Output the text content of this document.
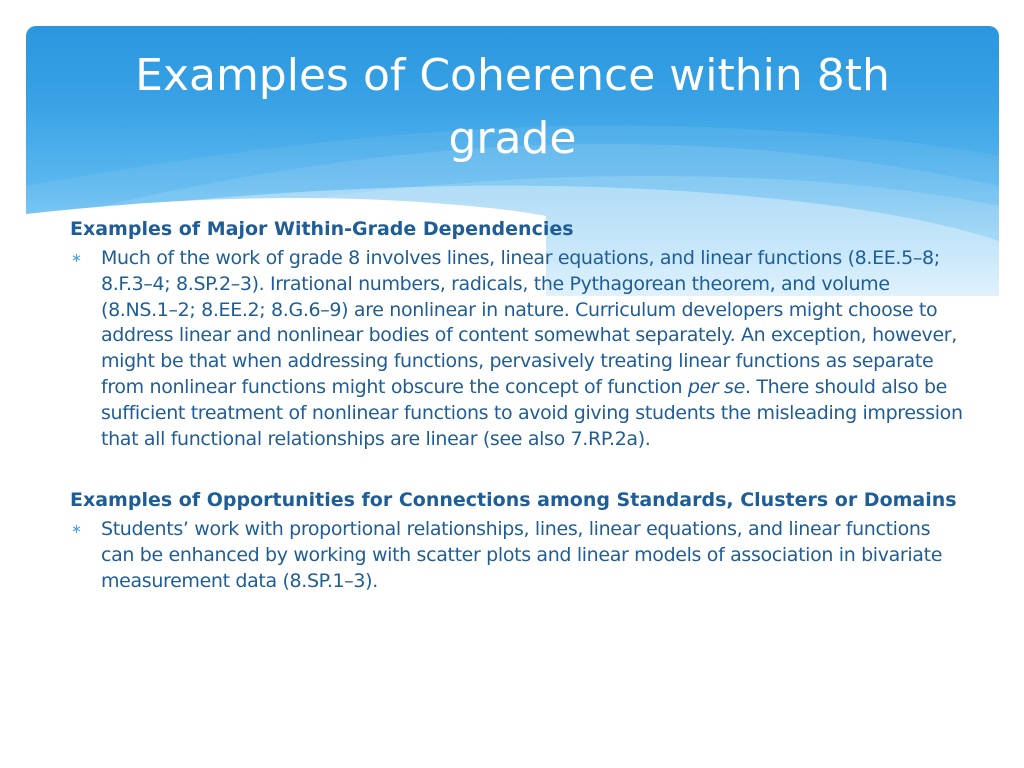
Examples of Coherence within 8th
grade

Examples of Major Within-Grade Dependencies

∗ Much of the work of grade 8 involves lines, linear equations, and linear functions (8.EE.5–8; 8.F.3–4; 8.SP.2–3). Irrational numbers, radicals, the Pythagorean theorem, and volume (8.NS.1–2; 8.EE.2; 8.G.6–9) are nonlinear in nature. Curriculum developers might choose to address linear and nonlinear bodies of content somewhat separately. An exception, however, might be that when addressing functions, pervasively treating linear functions as separate from nonlinear functions might obscure the concept of function per se. There should also be sufficient treatment of nonlinear functions to avoid giving students the misleading impression that all functional relationships are linear (see also 7.RP.2a).

Examples of Opportunities for Connections among Standards, Clusters or Domains

∗ Students’ work with proportional relationships, lines, linear equations, and linear functions can be enhanced by working with scatter plots and linear models of association in bivariate measurement data (8.SP.1–3).
